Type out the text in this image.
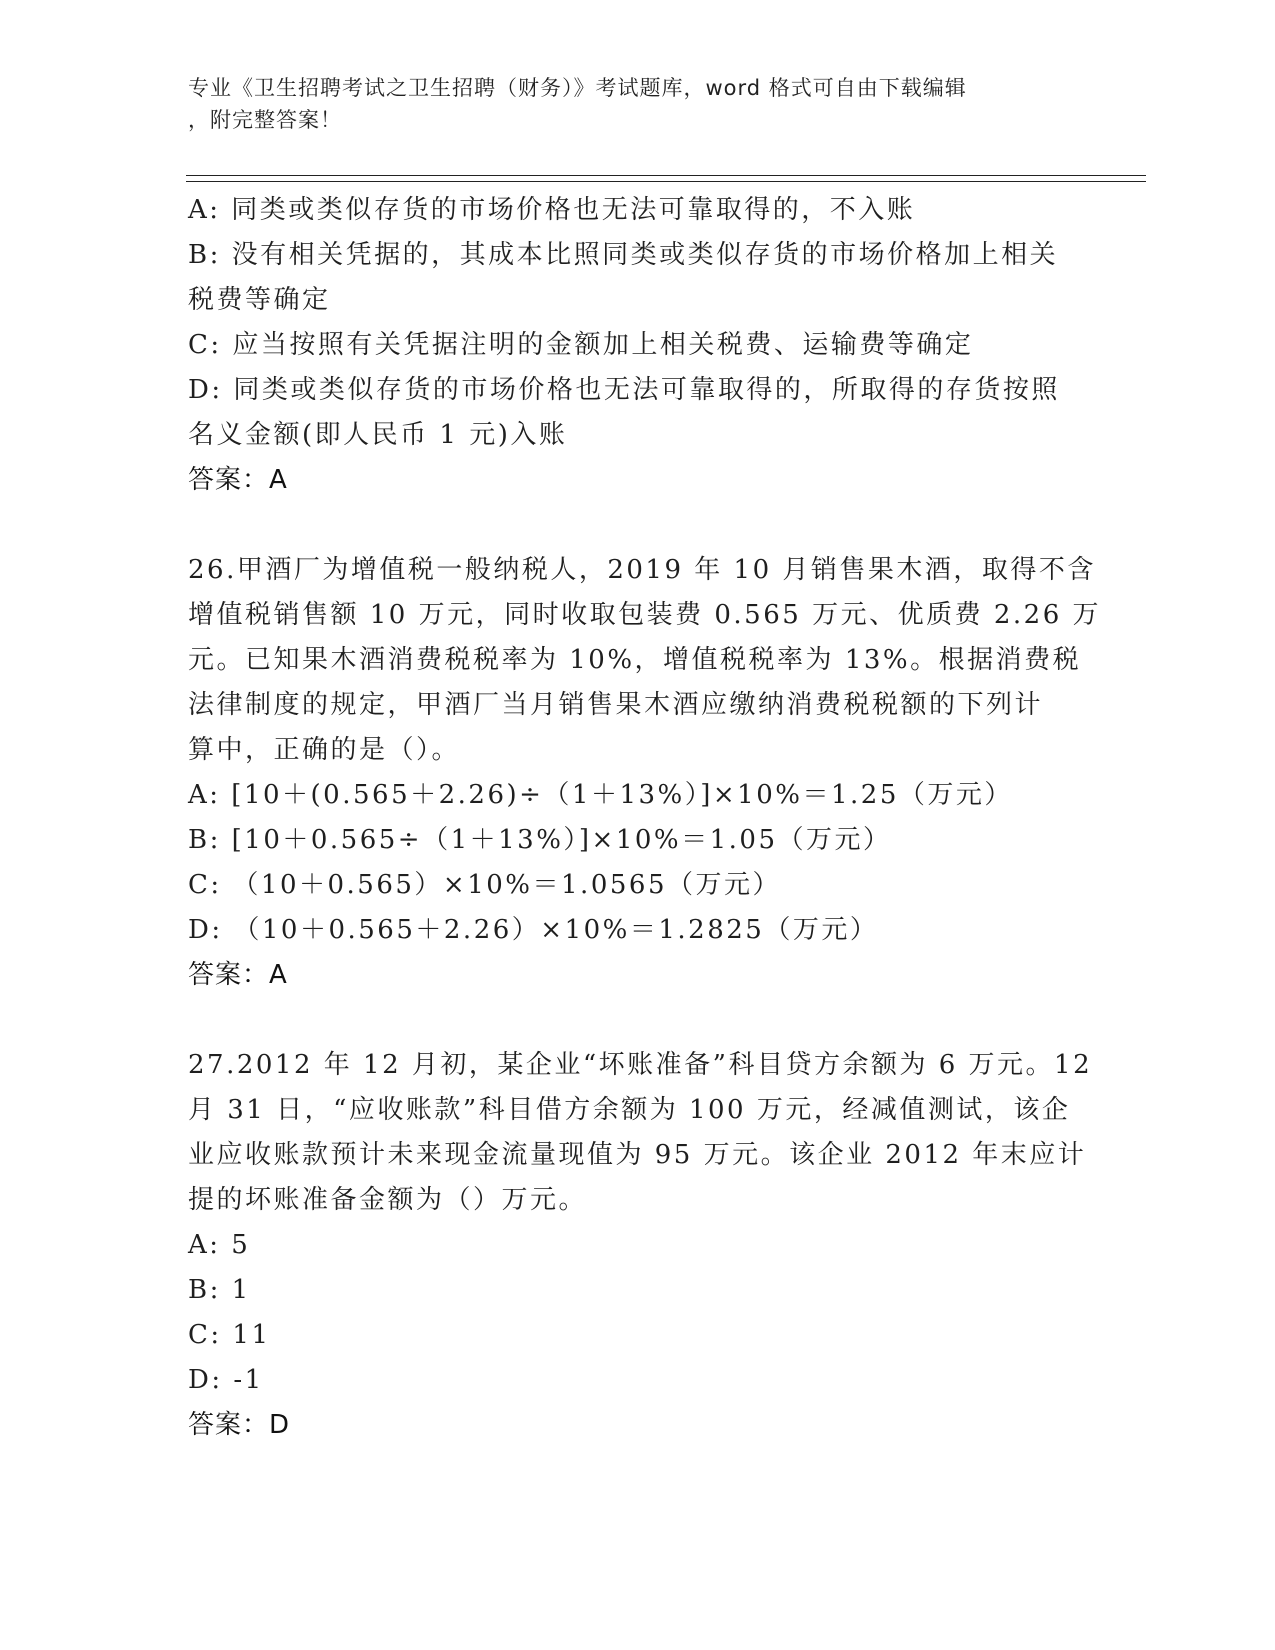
专业《卫生招聘考试之卫生招聘（财务）》考试题库，word 格式可自由下载编辑
，附完整答案！
A: 同类或类似存货的市场价格也无法可靠取得的，不入账
B: 没有相关凭据的，其成本比照同类或类似存货的市场价格加上相关
税费等确定
C: 应当按照有关凭据注明的金额加上相关税费、运输费等确定
D: 同类或类似存货的市场价格也无法可靠取得的，所取得的存货按照
名义金额(即人民币 1 元)入账
答案：A
26.甲酒厂为增值税一般纳税人，2019 年 10 月销售果木酒，取得不含
增值税销售额 10 万元，同时收取包装费 0.565 万元、优质费 2.26 万
元。已知果木酒消费税税率为 10%，增值税税率为 13%。根据消费税
法律制度的规定，甲酒厂当月销售果木酒应缴纳消费税税额的下列计
算中，正确的是（）。
A: [10＋(0.565＋2.26)÷（1＋13%）]×10%＝1.25（万元）
B: [10＋0.565÷（1＋13%）]×10%＝1.05（万元）
C: （10＋0.565）×10%＝1.0565（万元）
D: （10＋0.565＋2.26）×10%＝1.2825（万元）
答案：A
27.2012 年 12 月初，某企业“坏账准备”科目贷方余额为 6 万元。12
月 31 日，“应收账款”科目借方余额为 100 万元，经减值测试，该企
业应收账款预计未来现金流量现值为 95 万元。该企业 2012 年末应计
提的坏账准备金额为（）万元。
A: 5
B: 1
C: 11
D: -1
答案：D
